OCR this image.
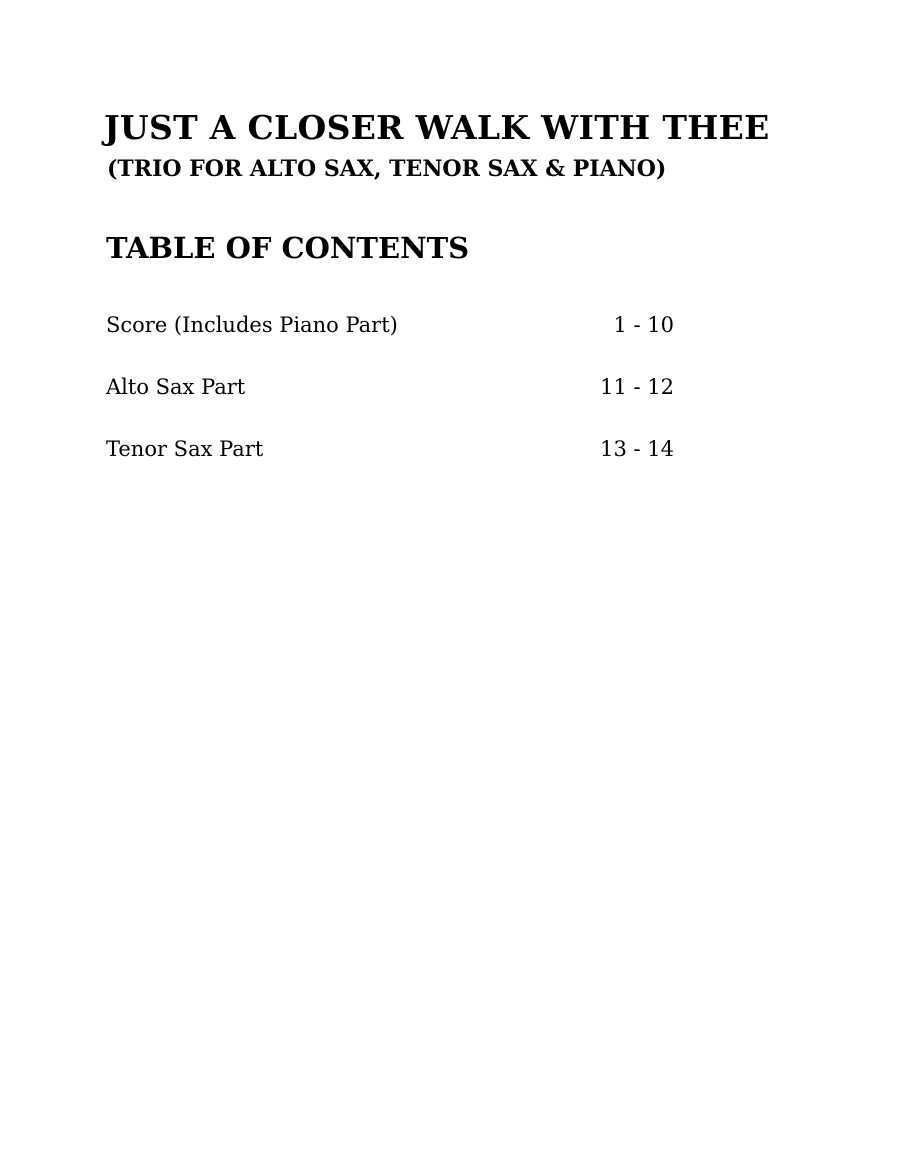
JUST A CLOSER WALK WITH THEE
(TRIO FOR ALTO SAX, TENOR SAX & PIANO)
TABLE OF CONTENTS
Score (Includes Piano Part)	1 - 10
Alto Sax Part	11 - 12
Tenor Sax Part	13 - 14
